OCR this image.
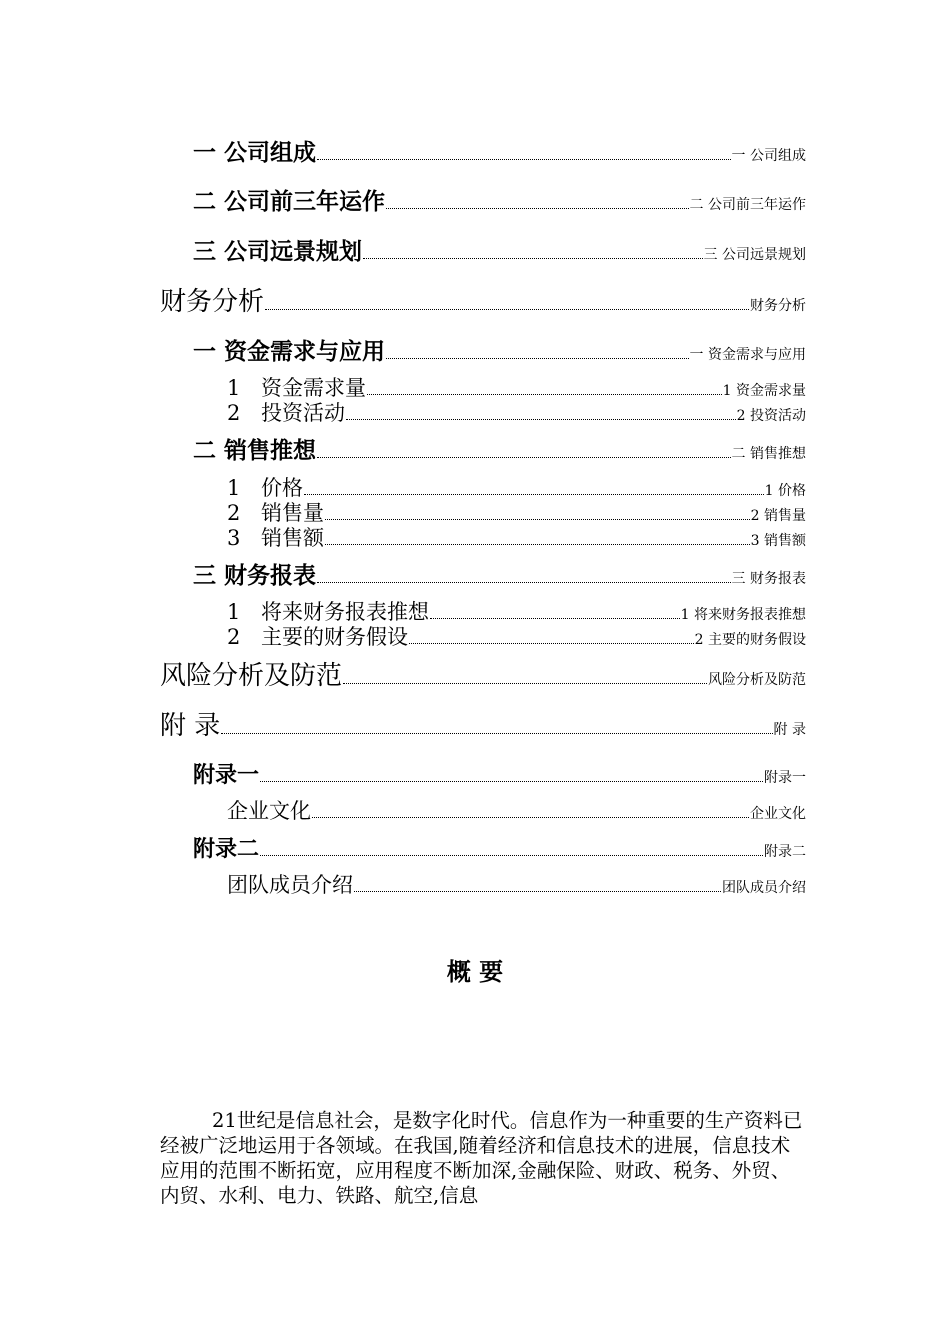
一 公司组成	一 公司组成
二 公司前三年运作	二 公司前三年运作
三 公司远景规划	三 公司远景规划
财务分析	财务分析
一 资金需求与应用	一 资金需求与应用
1 资金需求量	1 资金需求量
2 投资活动	2 投资活动
二 销售推想	二 销售推想
1 价格	1 价格
2 销售量	2 销售量
3 销售额	3 销售额
三 财务报表	三 财务报表
1 将来财务报表推想	1 将来财务报表推想
2 主要的财务假设	2 主要的财务假设
风险分析及防范	风险分析及防范
附 录	附 录
附录一	附录一
企业文化	企业文化
附录二	附录二
团队成员介绍	团队成员介绍
概 要

21世纪是信息社会，是数字化时代。信息作为一种重要的生产资料已经被广泛地运用于各领域。在我国,随着经济和信息技术的进展，信息技术应用的范围不断拓宽，应用程度不断加深,金融保险、财政、税务、外贸、内贸、水利、电力、铁路、航空,信息
